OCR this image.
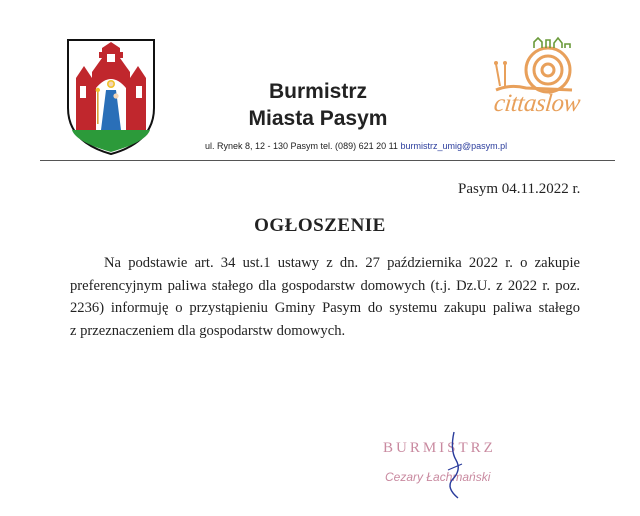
Burmistrz
Miasta Pasym
ul. Rynek 8, 12 - 130 Pasym tel. (089) 621 20 11 burmistrz_umig@pasym.pl
cittaslow
Pasym 04.11.2022 r.
OGŁOSZENIE
Na podstawie art. 34 ust.1 ustawy z dn. 27 października 2022 r. o zakupie
preferencyjnym paliwa stałego dla gospodarstw domowych (t.j. Dz.U. z 2022 r. poz.
2236) informuję o przystąpieniu Gminy Pasym do systemu zakupu paliwa stałego
z przeznaczeniem dla gospodarstw domowych.
BURMISTRZ
Cezary Łachmański
